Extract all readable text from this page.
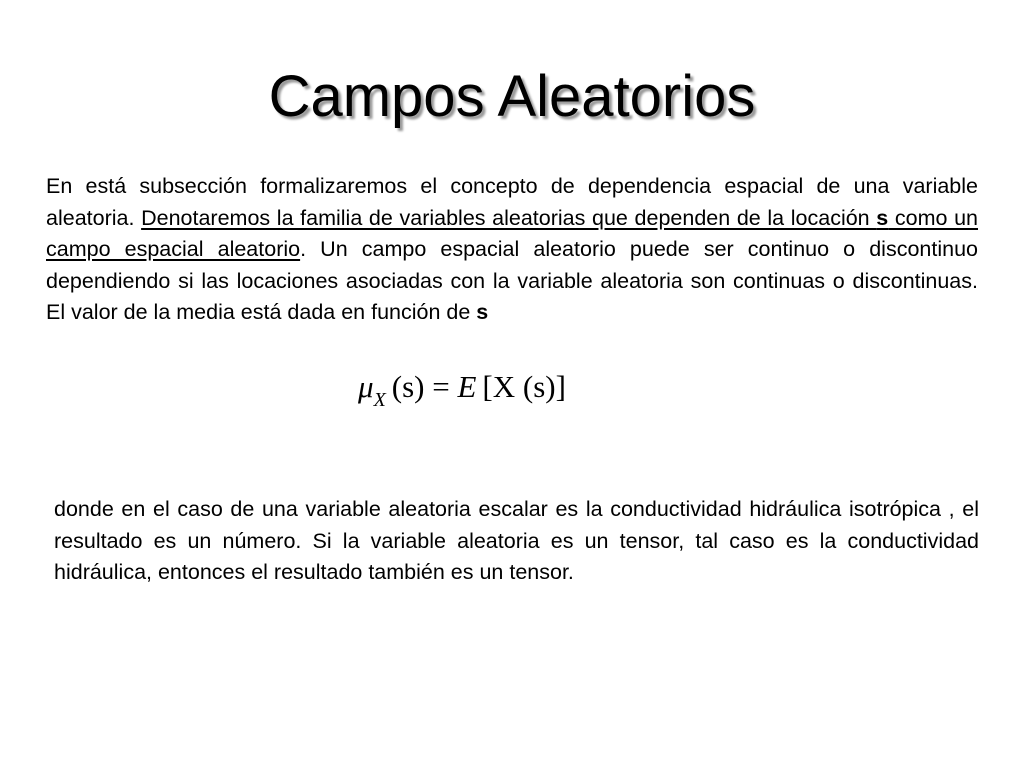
Campos Aleatorios

En está subsección formalizaremos el concepto de dependencia espacial de una variable aleatoria. Denotaremos la familia de variables aleatorias que dependen de la locación s como un campo espacial aleatorio. Un campo espacial aleatorio puede ser continuo o discontinuo dependiendo si las locaciones asociadas con la variable aleatoria son continuas o discontinuas. El valor de la media está dada en función de s

$\mu_X$ (s) = E [X (s)]

donde en el caso de una variable aleatoria escalar es la conductividad hidráulica isotrópica , el resultado es un número. Si la variable aleatoria es un tensor, tal caso es la conductividad hidráulica, entonces el resultado también es un tensor.
